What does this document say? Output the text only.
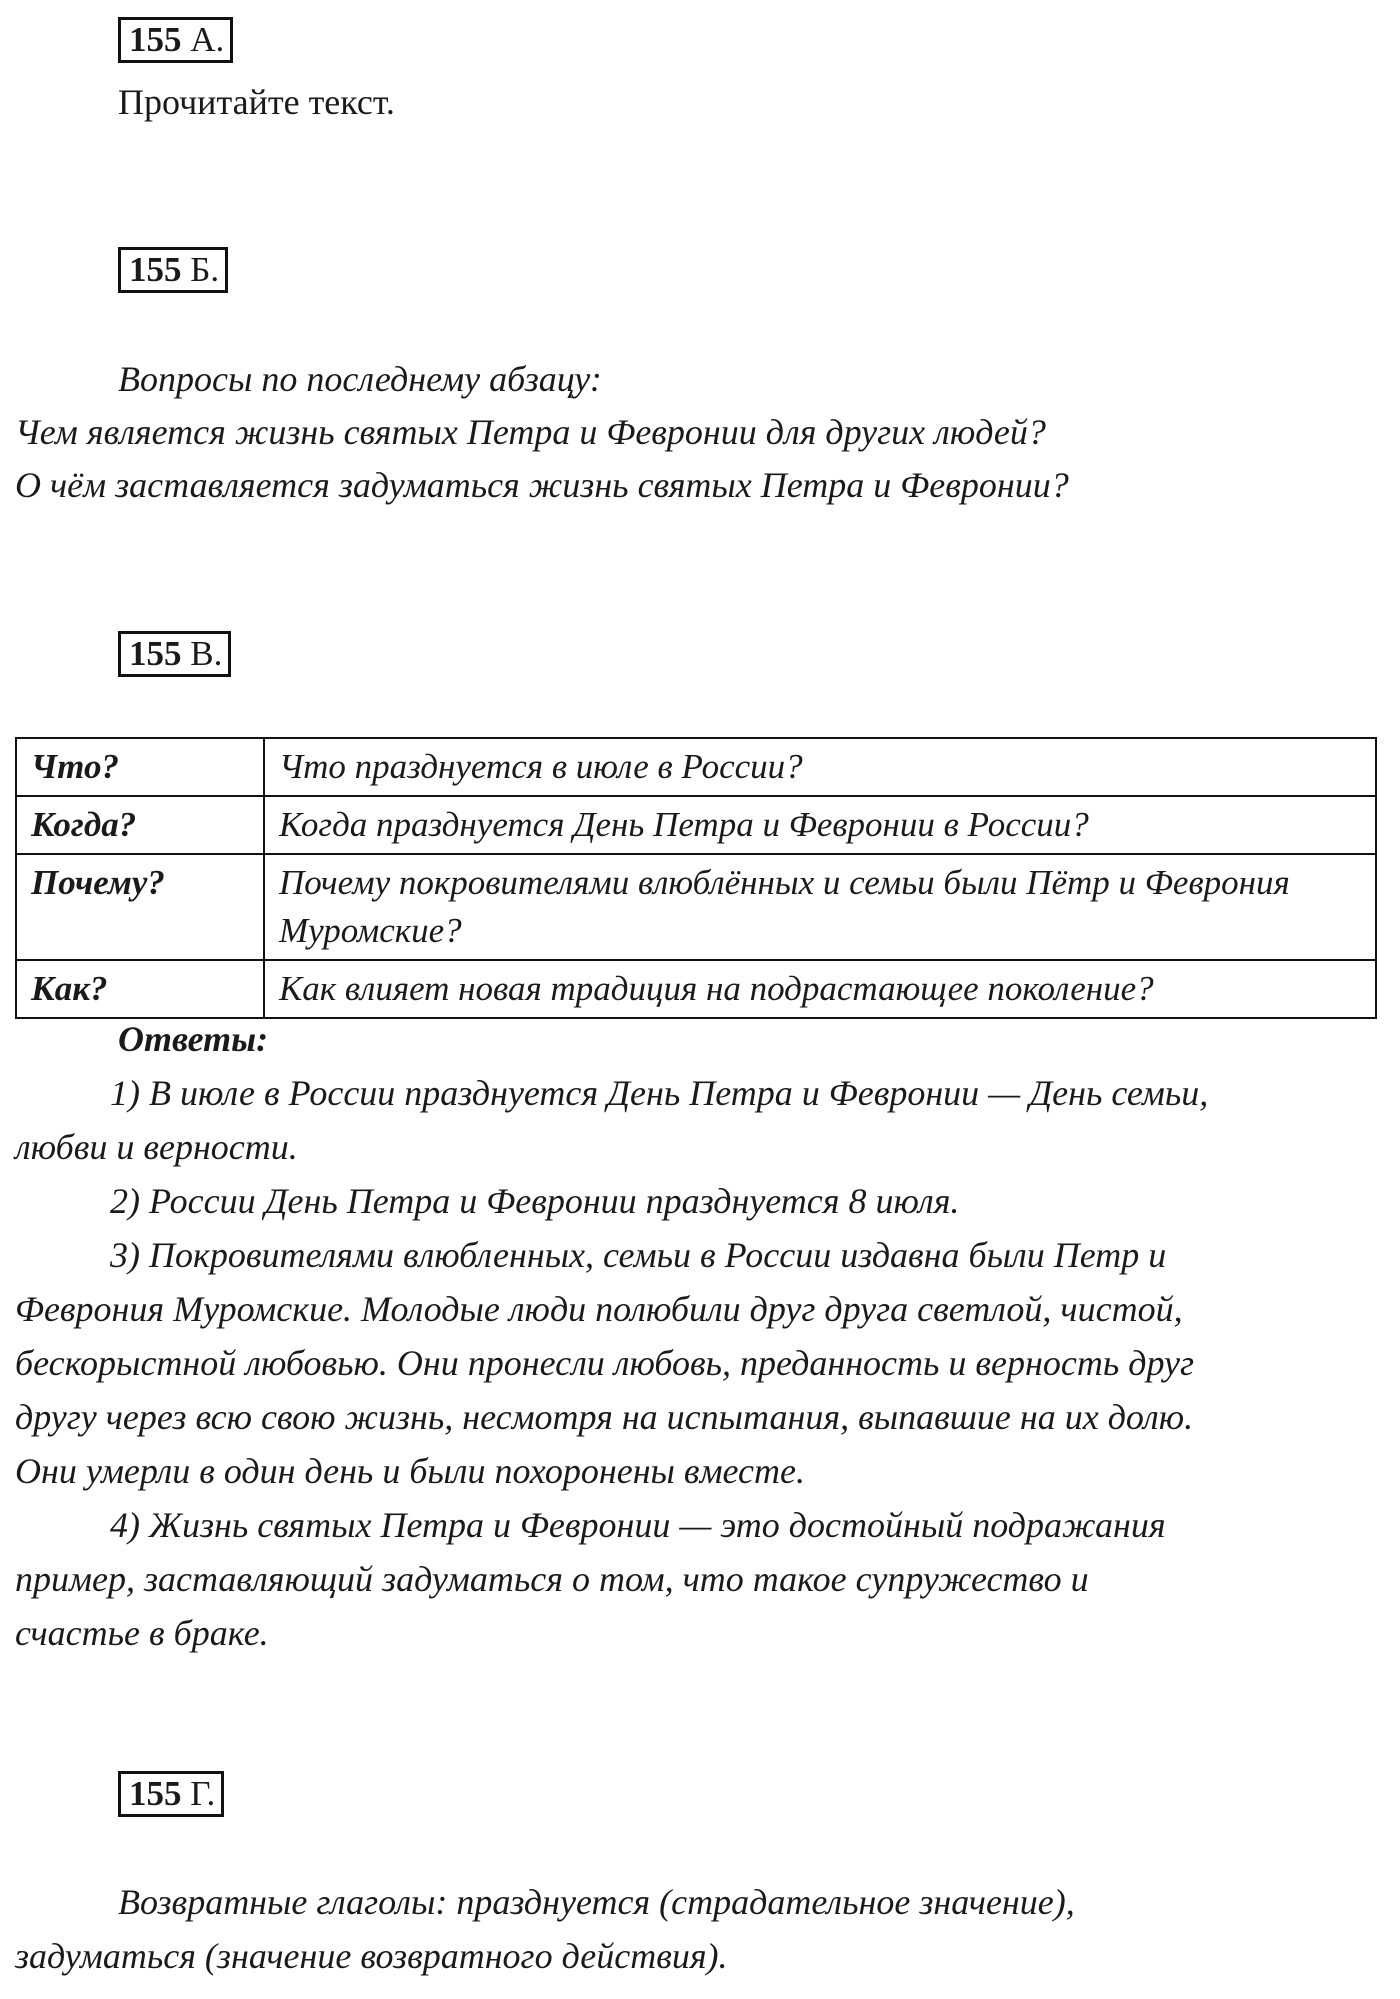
155 А.
Прочитайте текст.
155 Б.
Вопросы по последнему абзацу:
Чем является жизнь святых Петра и Февронии для других людей?
О чём заставляется задуматься жизнь святых Петра и Февронии?
155 В.
Что?	Что празднуется в июле в России?
Когда?	Когда празднуется День Петра и Февронии в России?
Почему?	Почему покровителями влюблённых и семьи были Пётр и Феврония Муромские?
Как?	Как влияет новая традиция на подрастающее поколение?
Ответы:
1) В июле в России празднуется День Петра и Февронии — День семьи,
любви и верности.
2) России День Петра и Февронии празднуется 8 июля.
3) Покровителями влюбленных, семьи в России издавна были Петр и
Феврония Муромские. Молодые люди полюбили друг друга светлой, чистой,
бескорыстной любовью. Они пронесли любовь, преданность и верность друг
другу через всю свою жизнь, несмотря на испытания, выпавшие на их долю.
Они умерли в один день и были похоронены вместе.
4) Жизнь святых Петра и Февронии — это достойный подражания
пример, заставляющий задуматься о том, что такое супружество и
счастье в браке.
155 Г.
Возвратные глаголы: празднуется (страдательное значение),
задуматься (значение возвратного действия).
